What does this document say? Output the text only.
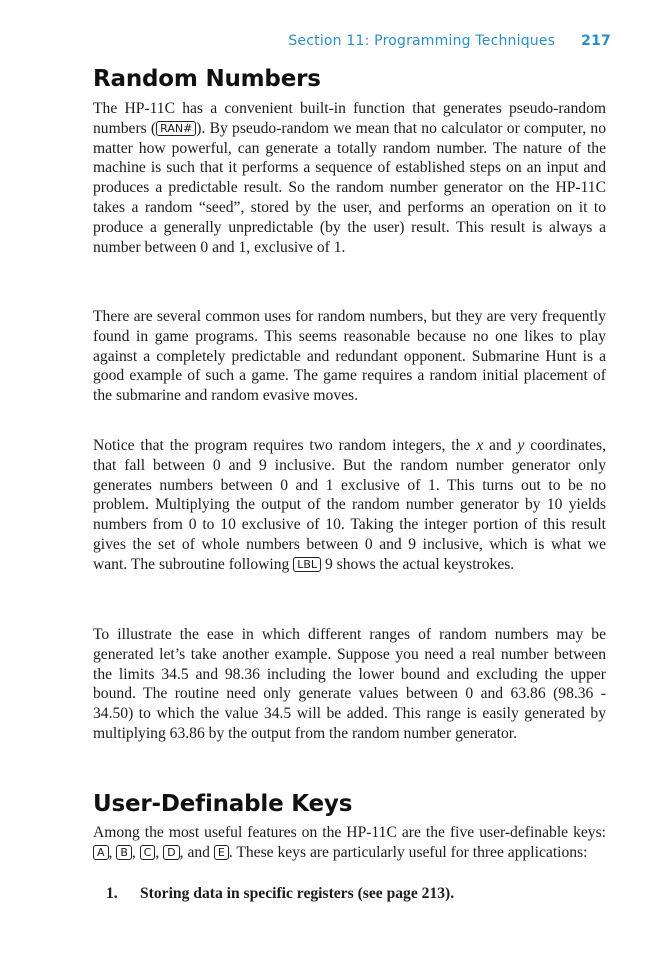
Section 11: Programming Techniques 217
Random Numbers

The HP-11C has a convenient built-in function that generates pseudo-random numbers ( RAN# ). By pseudo-random we mean that no calculator or computer, no matter how powerful, can generate a totally random number. The nature of the machine is such that it performs a sequence of established steps on an input and produces a predictable result. So the random number generator on the HP-11C takes a random “seed”, stored by the user, and performs an operation on it to produce a generally unpredictable (by the user) result. This result is always a number between 0 and 1, exclusive of 1.

There are several common uses for random numbers, but they are very frequently found in game programs. This seems reasonable because no one likes to play against a completely predictable and redundant opponent. Submarine Hunt is a good example of such a game. The game requires a random initial placement of the submarine and random evasive moves.

Notice that the program requires two random integers, the x and y coordinates, that fall between 0 and 9 inclusive. But the random number generator only generates numbers between 0 and 1 exclusive of 1. This turns out to be no problem. Multiplying the output of the random number generator by 10 yields numbers from 0 to 10 exclusive of 10. Taking the integer portion of this result gives the set of whole numbers between 0 and 9 inclusive, which is what we want. The subroutine following LBL 9 shows the actual keystrokes.

To illustrate the ease in which different ranges of random numbers may be generated let’s take another example. Suppose you need a real number between the limits 34.5 and 98.36 including the lower bound and excluding the upper bound. The routine need only generate values between 0 and 63.86 (98.36 - 34.50) to which the value 34.5 will be added. This range is easily generated by multiplying 63.86 by the output from the random number generator.

User-Definable Keys

Among the most useful features on the HP-11C are the five user-definable keys: A , B , C , D , and E . These keys are particularly useful for three applications:

1. Storing data in specific registers (see page 213).
